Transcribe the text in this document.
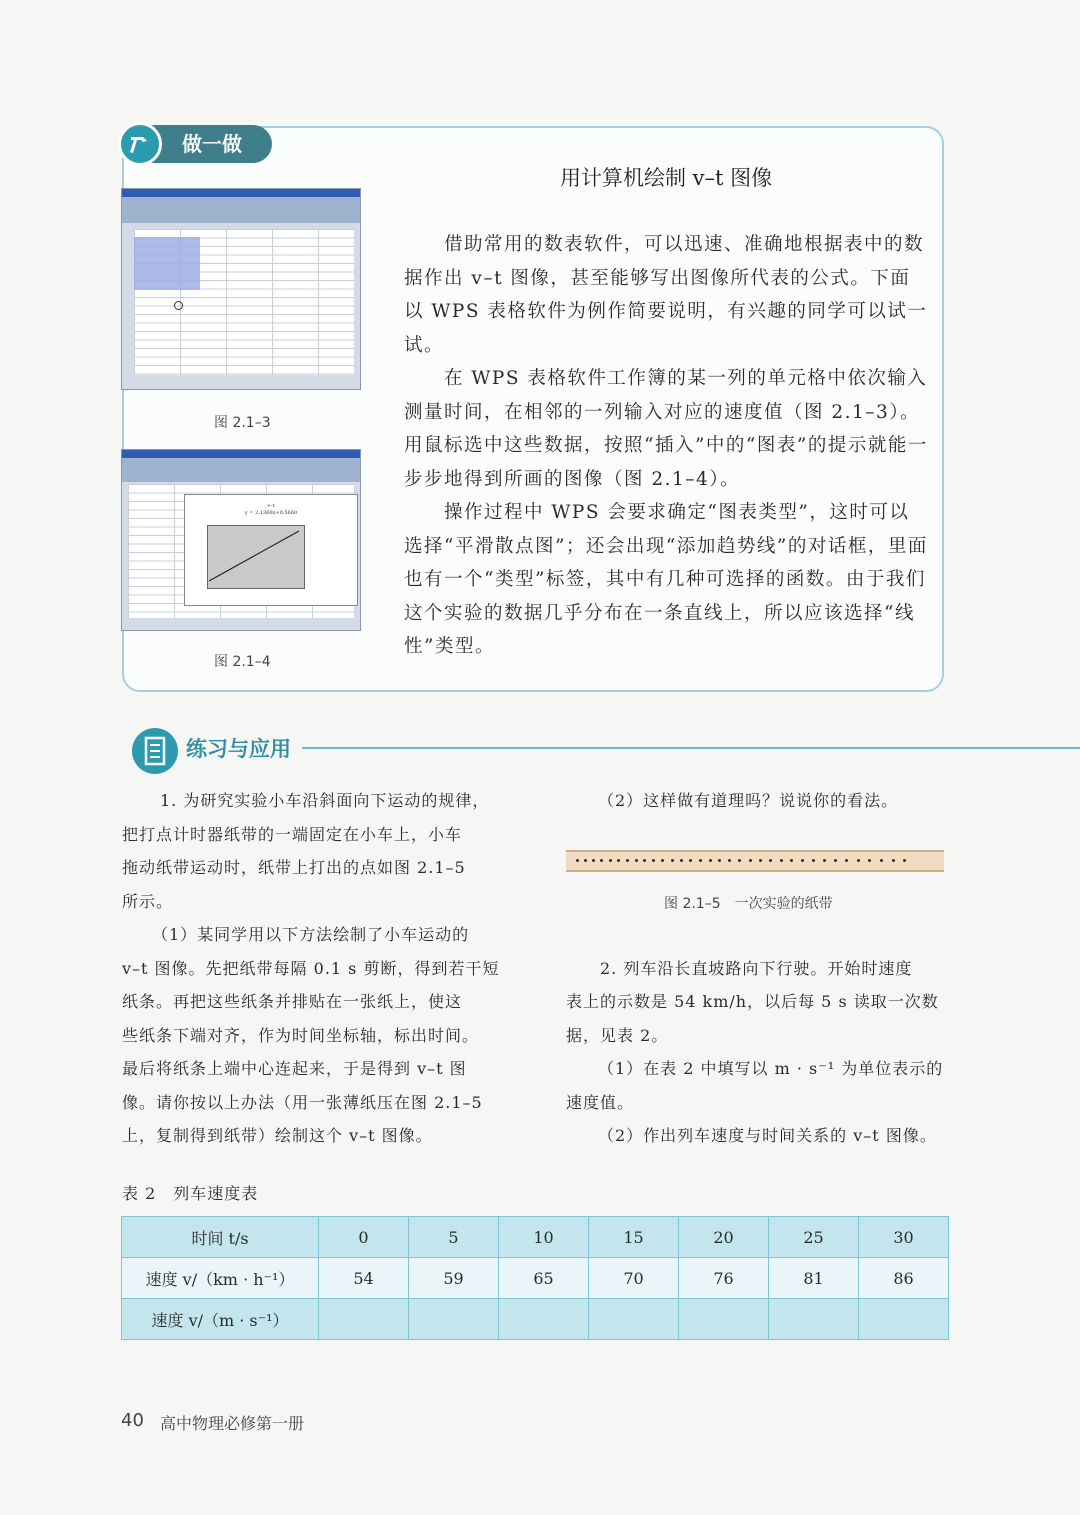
做一做
用计算机绘制 v–t 图像
借助常用的数表软件，可以迅速、准确地根据表中的数据作出 v–t 图像，甚至能够写出图像所代表的公式。下面以 WPS 表格软件为例作简要说明，有兴趣的同学可以试一试。
在 WPS 表格软件工作簿的某一列的单元格中依次输入测量时间，在相邻的一列输入对应的速度值（图 2.1–3）。用鼠标选中这些数据，按照“插入”中的“图表”的提示就能一步步地得到所画的图像（图 2.1–4）。
操作过程中 WPS 会要求确定“图表类型”，这时可以选择“平滑散点图”；还会出现“添加趋势线”的对话框，里面也有一个“类型”标签，其中有几种可选择的函数。由于我们这个实验的数据几乎分布在一条直线上，所以应该选择“线性”类型。
图 2.1–3
v–t
y = 2.1360x+0.5660
图 2.1–4
练习与应用
1. 为研究实验小车沿斜面向下运动的规律，
把打点计时器纸带的一端固定在小车上，小车
拖动纸带运动时，纸带上打出的点如图 2.1–5
所示。
（1）某同学用以下方法绘制了小车运动的
v–t 图像。先把纸带每隔 0.1 s 剪断，得到若干短
纸条。再把这些纸条并排贴在一张纸上，使这
些纸条下端对齐，作为时间坐标轴，标出时间。
最后将纸条上端中心连起来，于是得到 v–t 图
像。请你按以上办法（用一张薄纸压在图 2.1–5
上，复制得到纸带）绘制这个 v–t 图像。
（2）这样做有道理吗？说说你的看法。
图 2.1–5　一次实验的纸带
2. 列车沿长直坡路向下行驶。开始时速度
表上的示数是 54 km/h，以后每 5 s 读取一次数
据，见表 2。
（1）在表 2 中填写以 m · s⁻¹ 为单位表示的
速度值。
（2）作出列车速度与时间关系的 v–t 图像。
表 2　列车速度表
时间 t/s	0	5	10	15	20	25	30
速度 v/（km · h⁻¹）	54	59	65	70	76	81	86
速度 v/（m · s⁻¹）							
40 高中物理必修第一册
